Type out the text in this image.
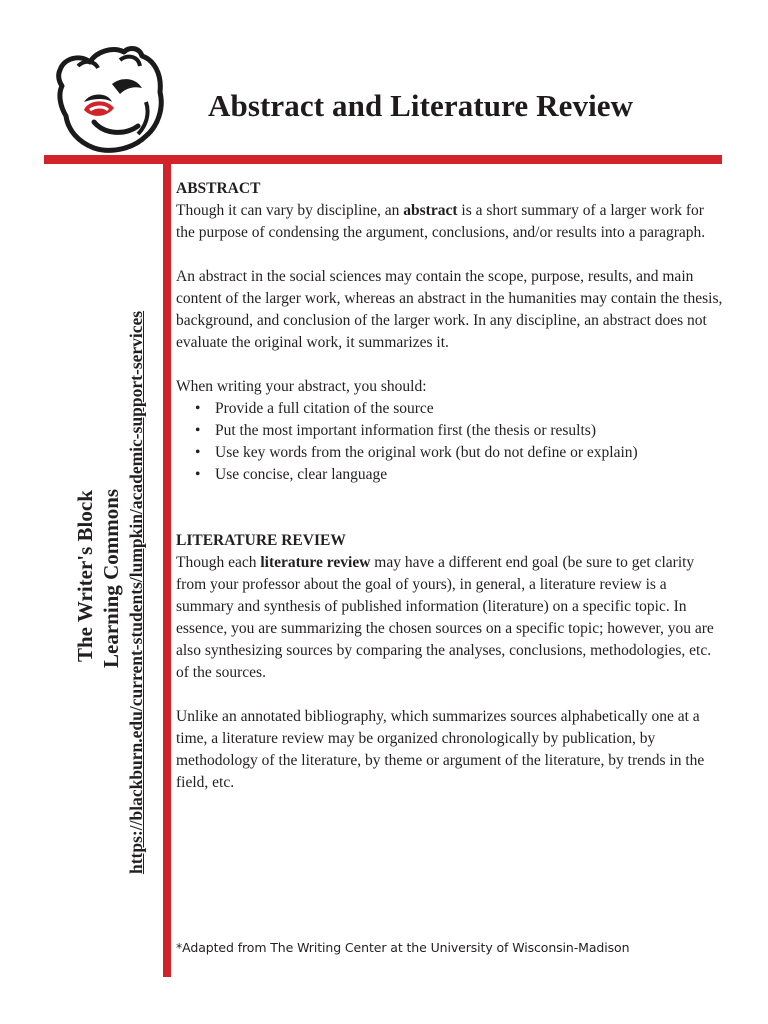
Abstract and Literature Review
The Writer's Block Learning Commons https://blackburn.edu/current-students/lumpkin/academic-support-services

ABSTRACT

Though it can vary by discipline, an abstract is a short summary of a larger work for the purpose of condensing the argument, conclusions, and/or results into a paragraph.

An abstract in the social sciences may contain the scope, purpose, results, and main content of the larger work, whereas an abstract in the humanities may contain the thesis, background, and conclusion of the larger work. In any discipline, an abstract does not evaluate the original work, it summarizes it.

When writing your abstract, you should:

• Provide a full citation of the source
• Put the most important information first (the thesis or results)
• Use key words from the original work (but do not define or explain)
• Use concise, clear language

LITERATURE REVIEW

Though each literature review may have a different end goal (be sure to get clarity from your professor about the goal of yours), in general, a literature review is a summary and synthesis of published information (literature) on a specific topic. In essence, you are summarizing the chosen sources on a specific topic; however, you are also synthesizing sources by comparing the analyses, conclusions, methodologies, etc. of the sources.

Unlike an annotated bibliography, which summarizes sources alphabetically one at a time, a literature review may be organized chronologically by publication, by methodology of the literature, by theme or argument of the literature, by trends in the field, etc.

*Adapted from The Writing Center at the University of Wisconsin-Madison
